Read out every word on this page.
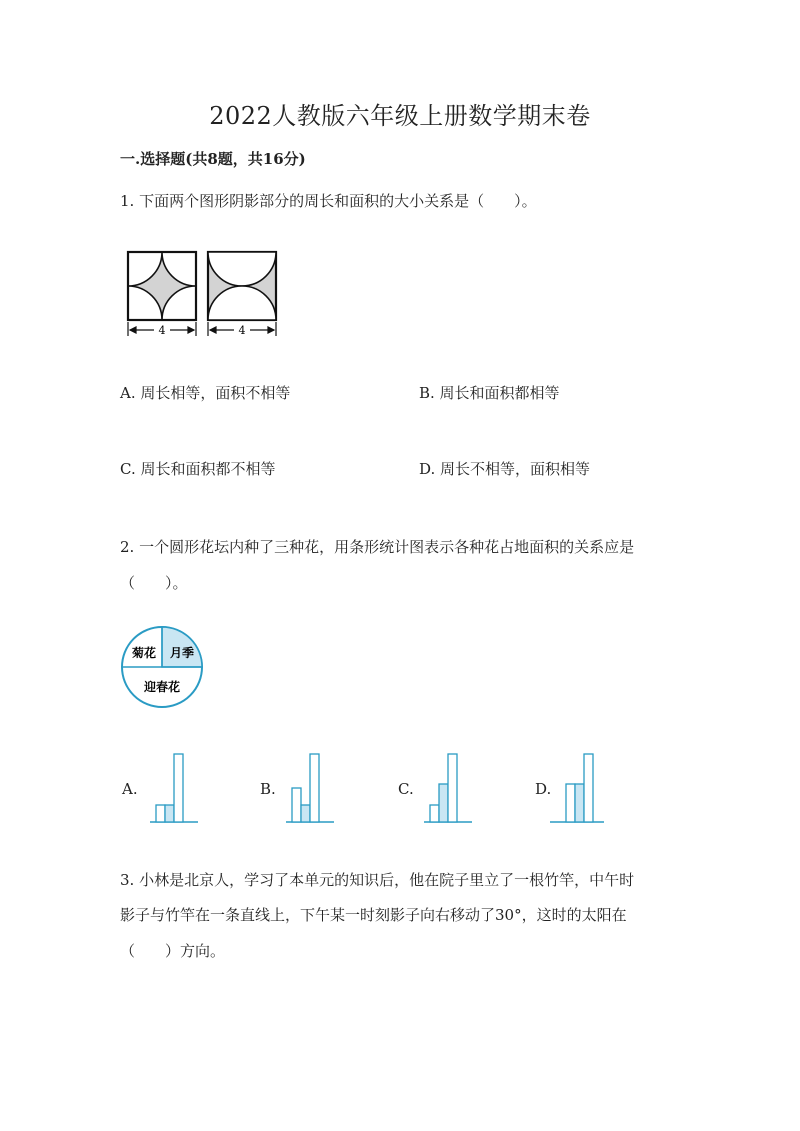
2022人教版六年级上册数学期末卷
一.选择题(共8题，共16分)
1. 下面两个图形阴影部分的周长和面积的大小关系是（　　）。
4	4
A. 周长相等，面积不相等	B. 周长和面积都相等
C. 周长和面积都不相等	D. 周长不相等，面积相等
2. 一个圆形花坛内种了三种花，用条形统计图表示各种花占地面积的关系应是
（　　）。
菊花 月季
迎春花
A.	B.	C.	D.
3. 小林是北京人，学习了本单元的知识后，他在院子里立了一根竹竿，中午时
影子与竹竿在一条直线上，下午某一时刻影子向右移动了30°，这时的太阳在
（　　）方向。
